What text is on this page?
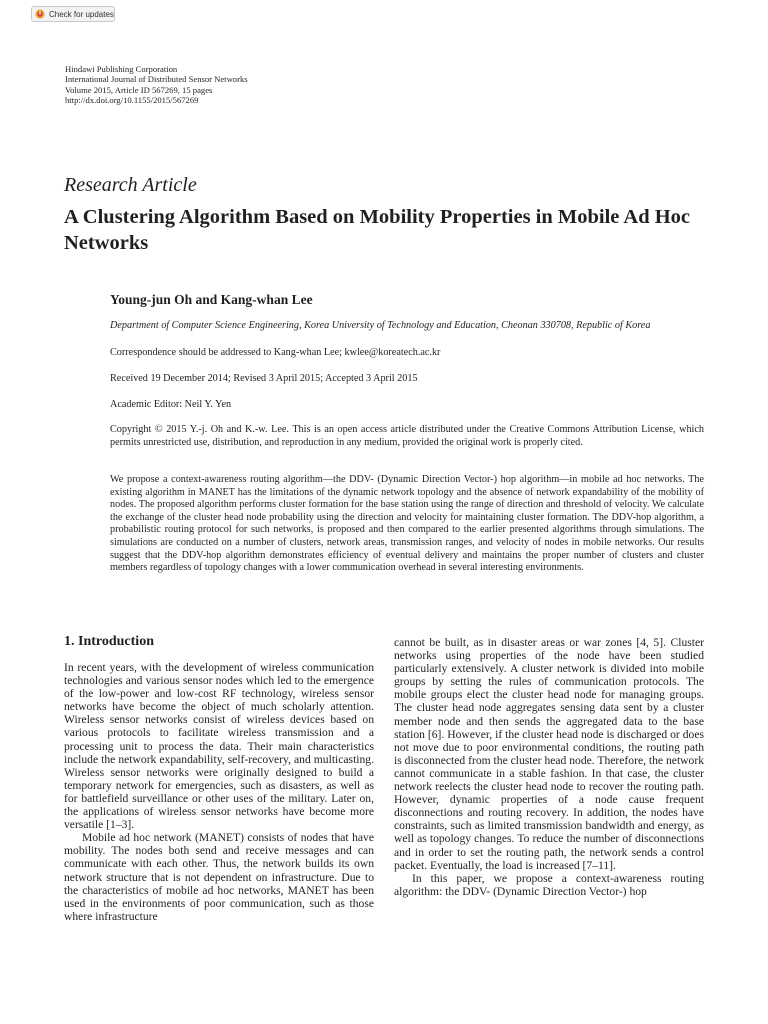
Check for updates
Hindawi Publishing Corporation
International Journal of Distributed Sensor Networks
Volume 2015, Article ID 567269, 15 pages
http://dx.doi.org/10.1155/2015/567269
Research Article
A Clustering Algorithm Based on Mobility Properties in Mobile Ad Hoc Networks
Young-jun Oh and Kang-whan Lee
Department of Computer Science Engineering, Korea University of Technology and Education, Cheonan 330708, Republic of Korea
Correspondence should be addressed to Kang-whan Lee; kwlee@koreatech.ac.kr
Received 19 December 2014; Revised 3 April 2015; Accepted 3 April 2015
Academic Editor: Neil Y. Yen
Copyright © 2015 Y.-j. Oh and K.-w. Lee. This is an open access article distributed under the Creative Commons Attribution License, which permits unrestricted use, distribution, and reproduction in any medium, provided the original work is properly cited.

We propose a context-awareness routing algorithm—the DDV- (Dynamic Direction Vector-) hop algorithm—in mobile ad hoc networks. The existing algorithm in MANET has the limitations of the dynamic network topology and the absence of network expandability of the mobility of nodes. The proposed algorithm performs cluster formation for the base station using the range of direction and threshold of velocity. We calculate the exchange of the cluster head node probability using the direction and velocity for maintaining cluster formation. The DDV-hop algorithm, a probabilistic routing protocol for such networks, is proposed and then compared to the earlier presented algorithms through simulations. The simulations are conducted on a number of clusters, network areas, transmission ranges, and velocity of nodes in mobile networks. Our results suggest that the DDV-hop algorithm demonstrates efficiency of eventual delivery and maintains the proper number of clusters and cluster members regardless of topology changes with a lower communication overhead in several interesting environments.

1. Introduction

In recent years, with the development of wireless communication technologies and various sensor nodes which led to the emergence of the low-power and low-cost RF technology, wireless sensor networks have become the object of much scholarly attention. Wireless sensor networks consist of wireless devices based on various protocols to facilitate wireless transmission and a processing unit to process the data. Their main characteristics include the network expandability, self-recovery, and multicasting. Wireless sensor networks were originally designed to build a temporary network for emergencies, such as disasters, as well as for battlefield surveillance or other uses of the military. Later on, the applications of wireless sensor networks have become more versatile [1–3].

Mobile ad hoc network (MANET) consists of nodes that have mobility. The nodes both send and receive messages and can communicate with each other. Thus, the network builds its own network structure that is not dependent on infrastructure. Due to the characteristics of mobile ad hoc networks, MANET has been used in the environments of poor communication, such as those where infrastructure

cannot be built, as in disaster areas or war zones [4, 5]. Cluster networks using properties of the node have been studied particularly extensively. A cluster network is divided into mobile groups by setting the rules of communication protocols. The mobile groups elect the cluster head node for managing groups. The cluster head node aggregates sensing data sent by a cluster member node and then sends the aggregated data to the base station [6]. However, if the cluster head node is discharged or does not move due to poor environmental conditions, the routing path is disconnected from the cluster head node. Therefore, the network cannot communicate in a stable fashion. In that case, the cluster network reelects the cluster head node to recover the routing path. However, dynamic properties of a node cause frequent disconnections and routing recovery. In addition, the nodes have constraints, such as limited transmission bandwidth and energy, as well as topology changes. To reduce the number of disconnections and in order to set the routing path, the network sends a control packet. Eventually, the load is increased [7–11].

In this paper, we propose a context-awareness routing algorithm: the DDV- (Dynamic Direction Vector-) hop
